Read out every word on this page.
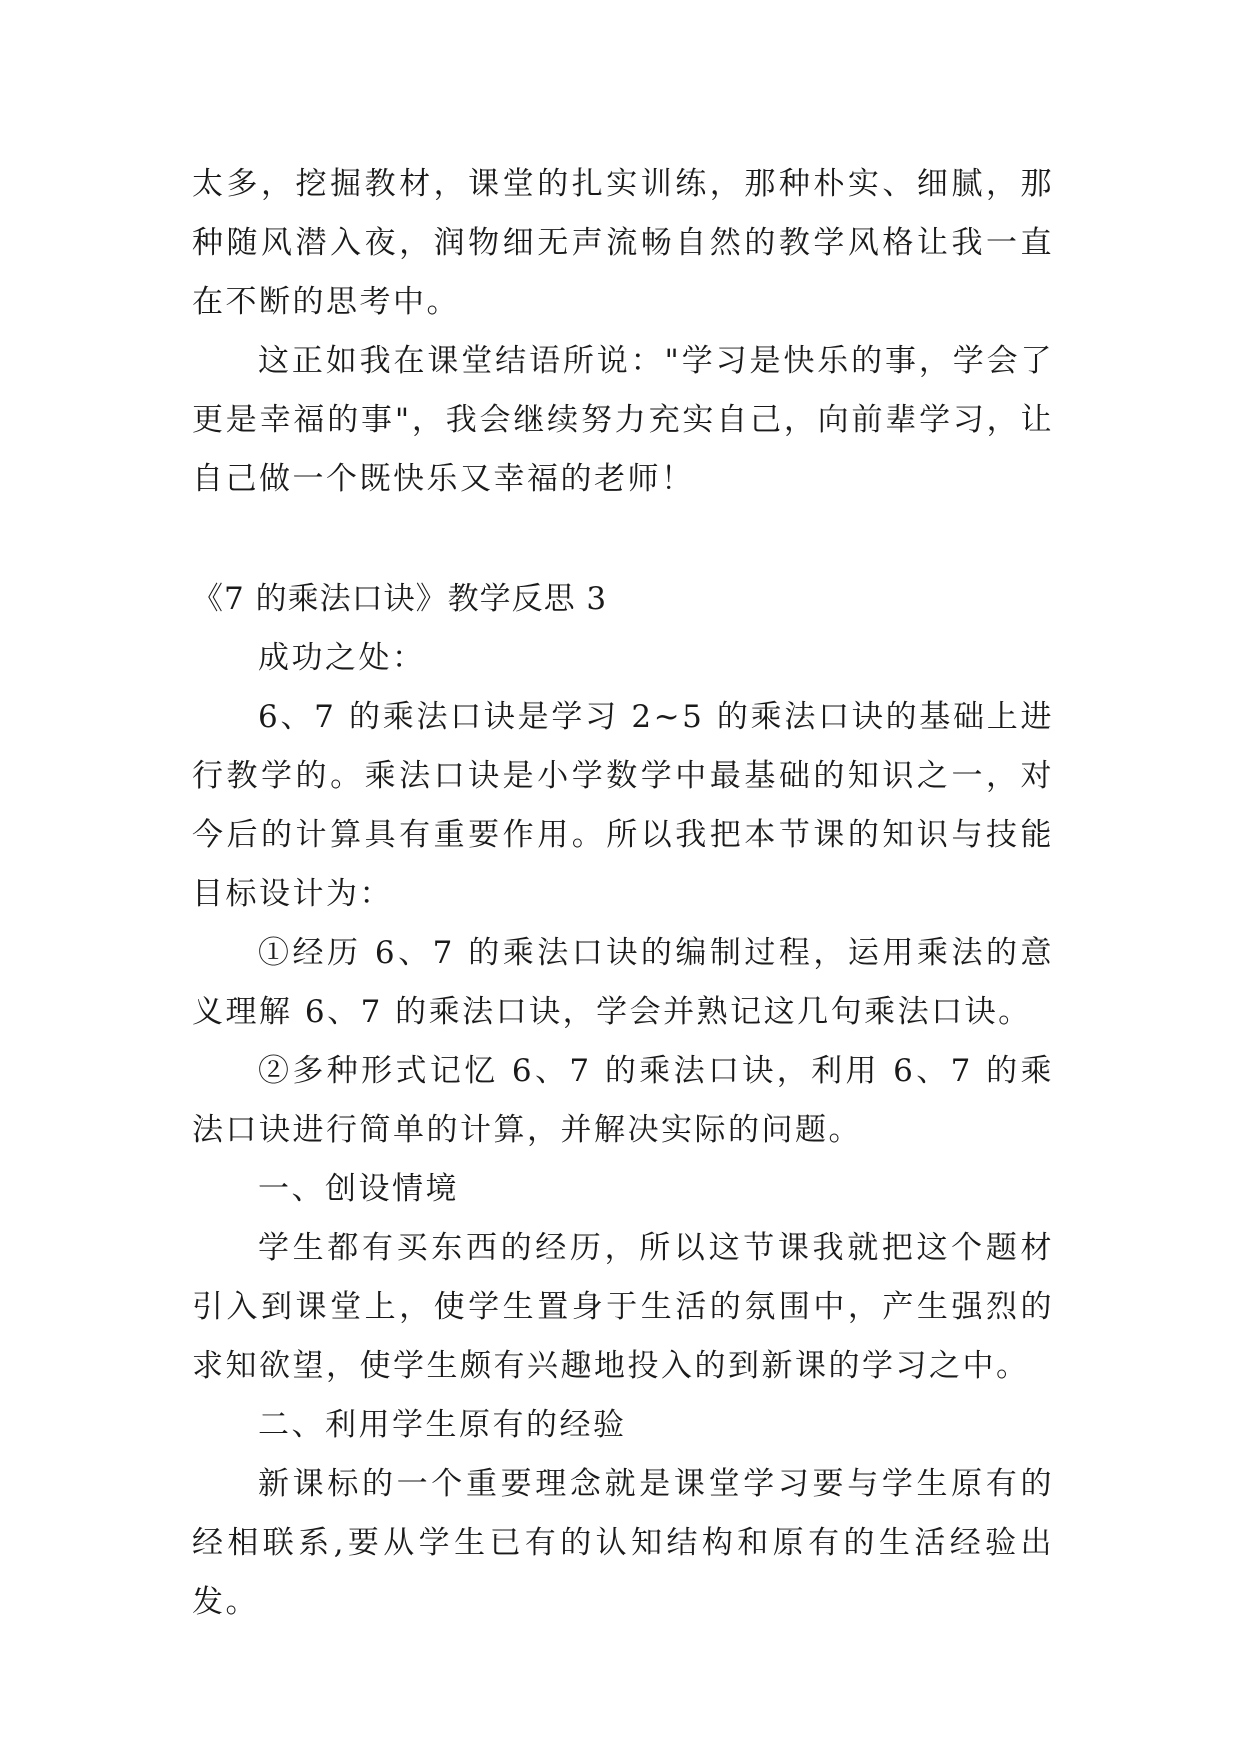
太多，挖掘教材，课堂的扎实训练，那种朴实、细腻，那种随风潜入夜，润物细无声流畅自然的教学风格让我一直在不断的思考中。

这正如我在课堂结语所说："学习是快乐的事，学会了更是幸福的事"，我会继续努力充实自己，向前辈学习，让自己做一个既快乐又幸福的老师！

《7 的乘法口诀》教学反思 3

成功之处：

6、7 的乘法口诀是学习 2~5 的乘法口诀的基础上进行教学的。乘法口诀是小学数学中最基础的知识之一，对今后的计算具有重要作用。所以我把本节课的知识与技能目标设计为：

①经历 6、7 的乘法口诀的编制过程，运用乘法的意义理解 6、7 的乘法口诀，学会并熟记这几句乘法口诀。

②多种形式记忆 6、7 的乘法口诀，利用 6、7 的乘法口诀进行简单的计算，并解决实际的问题。

一、创设情境

学生都有买东西的经历，所以这节课我就把这个题材引入到课堂上，使学生置身于生活的氛围中，产生强烈的求知欲望，使学生颇有兴趣地投入的到新课的学习之中。

二、利用学生原有的经验

新课标的一个重要理念就是课堂学习要与学生原有的经相联系,要从学生已有的认知结构和原有的生活经验出发。
